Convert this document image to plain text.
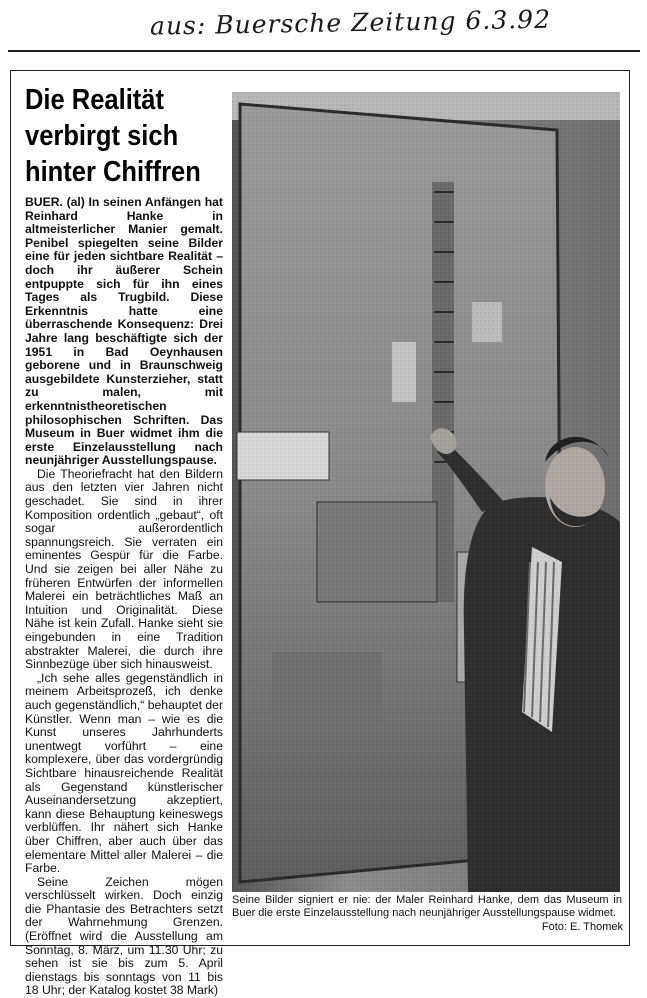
aus: Buersche Zeitung 6.3.92
Die Realität
verbirgt sich
hinter Chiffren

BUER. (al) In seinen Anfängen hat Reinhard Hanke in altmeisterlicher Manier gemalt. Penibel spiegelten seine Bilder eine für jeden sichtbare Realität – doch ihr äußerer Schein entpuppte sich für ihn eines Tages als Trugbild. Diese Erkenntnis hatte eine überraschende Konsequenz: Drei Jahre lang beschäftigte sich der 1951 in Bad Oeynhausen geborene und in Braunschweig ausgebildete Kunsterzieher, statt zu malen, mit erkenntnistheoretischen philosophischen Schriften. Das Museum in Buer widmet ihm die erste Einzelausstellung nach neunjähriger Ausstellungspause.

Die Theoriefracht hat den Bildern aus den letzten vier Jahren nicht geschadet. Sie sind in ihrer Komposition ordentlich „gebaut“, oft sogar außerordentlich spannungsreich. Sie verraten ein eminentes Gespür für die Farbe. Und sie zeigen bei aller Nähe zu früheren Entwürfen der informellen Malerei ein beträchtliches Maß an Intuition und Originalität. Diese Nähe ist kein Zufall. Hanke sieht sie eingebunden in eine Tradition abstrakter Malerei, die durch ihre Sinnbezüge über sich hinausweist.

„Ich sehe alles gegenständlich in meinem Arbeitsprozeß, ich denke auch gegenständlich,“ behauptet der Künstler. Wenn man – wie es die Kunst unseres Jahrhunderts unentwegt vorführt – eine komplexere, über das vordergründig Sichtbare hinausreichende Realität als Gegenstand künstlerischer Auseinandersetzung akzeptiert, kann diese Behauptung keineswegs verblüffen. Ihr nähert sich Hanke über Chiffren, aber auch über das elementare Mittel aller Malerei – die Farbe.

Seine Zeichen mögen verschlüsselt wirken. Doch einzig die Phantasie des Betrachters setzt der Wahrnehmung Grenzen. (Eröffnet wird die Ausstellung am Sonntag, 8. März, um 11.30 Uhr; zu sehen ist sie bis zum 5. April dienstags bis sonntags von 11 bis 18 Uhr; der Katalog kostet 38 Mark)

Seine Bilder signiert er nie: der Maler Reinhard Hanke, dem das Museum in Buer die erste Einzelausstellung nach neunjähriger Ausstellungspause widmet.
Foto: E. Thomek
